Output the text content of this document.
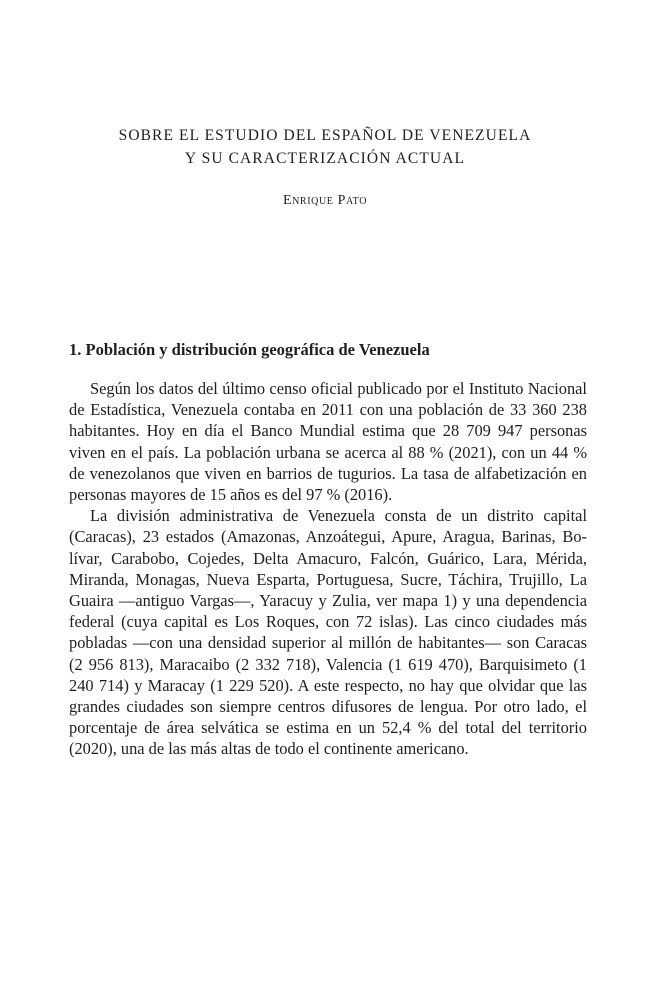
SOBRE EL ESTUDIO DEL ESPAÑOL DE VENEZUELA
Y SU CARACTERIZACIÓN ACTUAL
Enrique Pato
1. Población y distribución geográfica de Venezuela

Según los datos del último censo oficial publicado por el Instituto Nacional de Estadística, Venezuela contaba en 2011 con una población de 33 360 238 habitantes. Hoy en día el Banco Mundial estima que 28 709 947 personas viven en el país. La población urbana se acerca al 88 % (2021), con un 44 % de venezolanos que viven en barrios de tugurios. La tasa de alfabetización en personas mayores de 15 años es del 97 % (2016).

La división administrativa de Venezuela consta de un distrito capital (Caracas), 23 estados (Amazonas, Anzoátegui, Apure, Aragua, Barinas, Bolívar, Carabobo, Cojedes, Delta Amacuro, Falcón, Guárico, Lara, Mérida, Miranda, Monagas, Nueva Esparta, Portuguesa, Sucre, Táchira, Trujillo, La Guaira —antiguo Vargas—, Yaracuy y Zulia, ver mapa 1) y una dependencia federal (cuya capital es Los Roques, con 72 islas). Las cinco ciudades más pobladas —con una densidad superior al millón de habitantes— son Caracas (2 956 813), Maracaibo (2 332 718), Valencia (1 619 470), Barquisimeto (1 240 714) y Maracay (1 229 520). A este respecto, no hay que olvidar que las grandes ciudades son siempre centros difusores de lengua. Por otro lado, el porcentaje de área selvática se estima en un 52,4 % del total del territorio (2020), una de las más altas de todo el continente americano.
